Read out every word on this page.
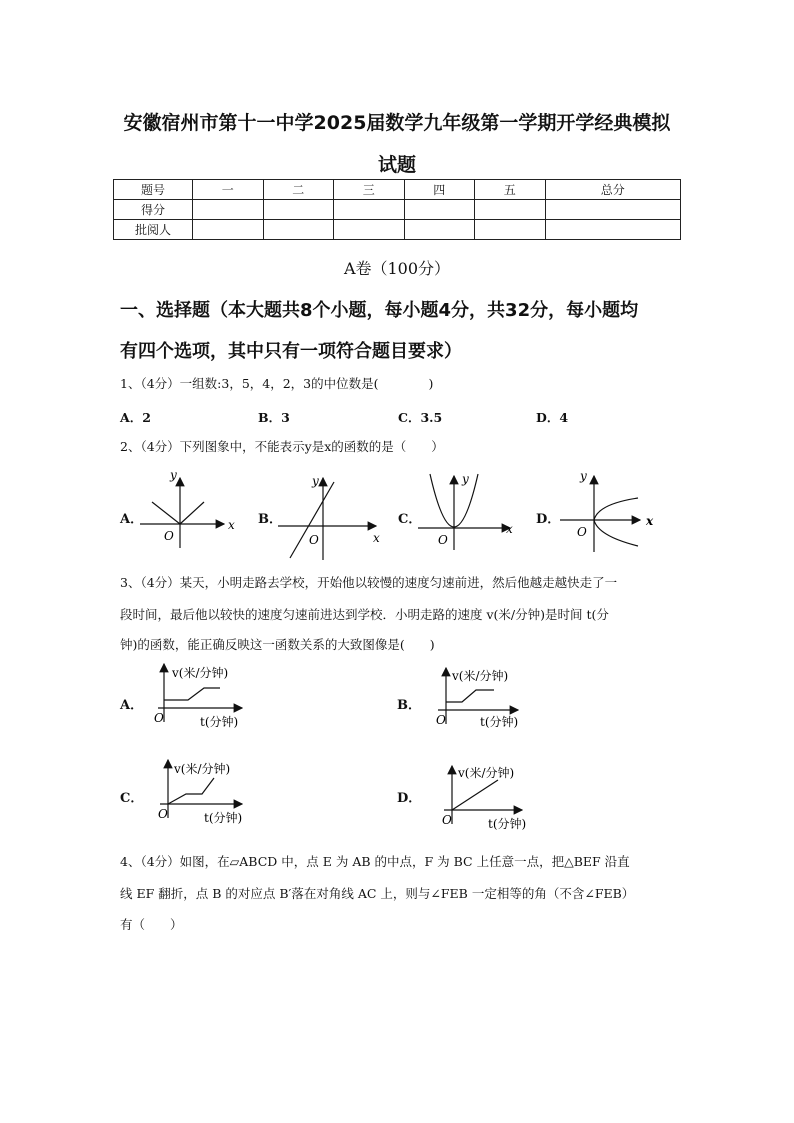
安徽宿州市第十一中学2025届数学九年级第一学期开学经典模拟
试题
题号	一	二	三	四	五	总分
得分						
批阅人						
A卷（100分）
一、选择题（本大题共8个小题，每小题4分，共32分，每小题均
有四个选项，其中只有一项符合题目要求）
1、（4分）一组数:3，5，4，2，3的中位数是(　　　　)
A．2	B．3	C．3.5	D．4
2、（4分）下列图象中，不能表示y是x的函数的是（　　）
A．
y
x
O
B．
y
x
O
C．
y
x
O
D．
y
x
O
3、（4分）某天，小明走路去学校，开始他以较慢的速度匀速前进，然后他越走越快走了一
段时间，最后他以较快的速度匀速前进达到学校．小明走路的速度 v(米/分钟)是时间 t(分
钟)的函数，能正确反映这一函数关系的大致图像是(　　)
A．
v(米/分钟)
t(分钟)
O
B．
v(米/分钟)
t(分钟)
O
C．
v(米/分钟)
t(分钟)
O
D．
v(米/分钟)
t(分钟)
O
4、（4分）如图，在▱ABCD 中，点 E 为 AB 的中点，F 为 BC 上任意一点，把△BEF 沿直
线 EF 翻折，点 B 的对应点 B′落在对角线 AC 上，则与∠FEB 一定相等的角（不含∠FEB）
有（　　）
